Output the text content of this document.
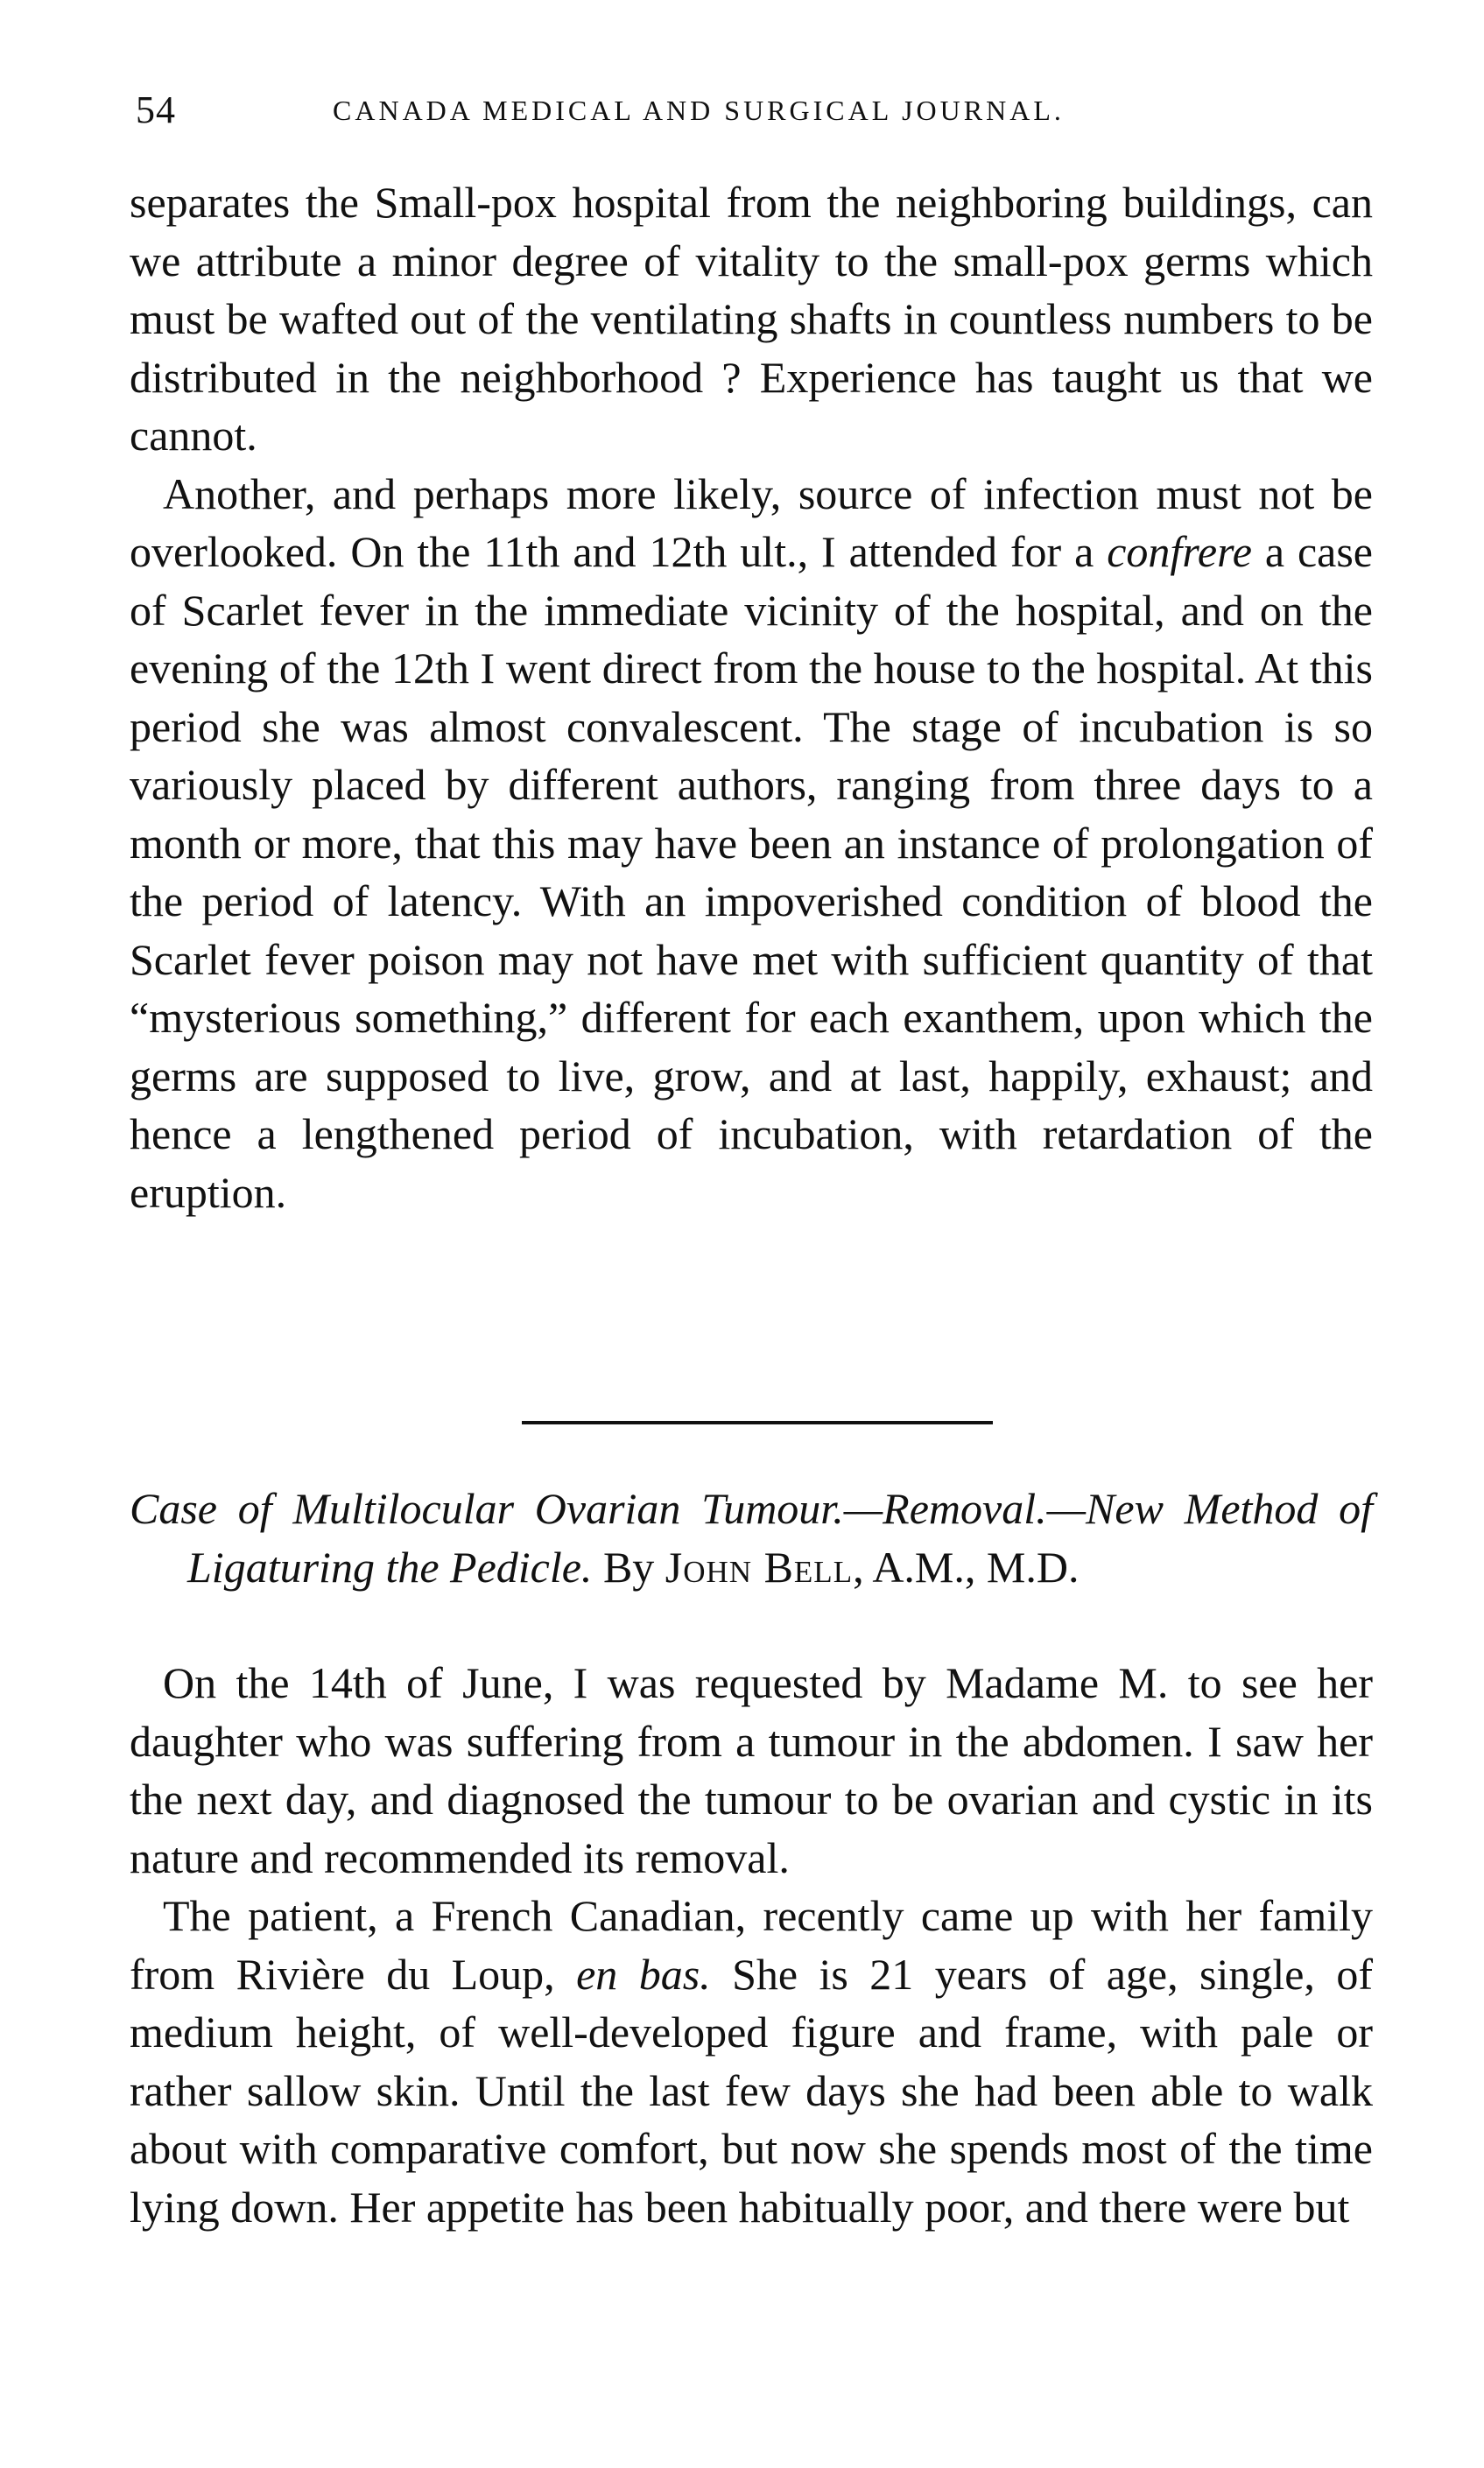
54	CANADA MEDICAL AND SURGICAL JOURNAL.

separates the Small-pox hospital from the neighboring buildings, can we attribute a minor degree of vitality to the small-pox germs which must be wafted out of the ventilating shafts in countless numbers to be distributed in the neighborhood ? Experience has taught us that we cannot.

Another, and perhaps more likely, source of infection must not be overlooked. On the 11th and 12th ult., I attended for a confrere a case of Scarlet fever in the immediate vicinity of the hospital, and on the evening of the 12th I went direct from the house to the hospital. At this period she was almost convalescent. The stage of incubation is so variously placed by different authors, ranging from three days to a month or more, that this may have been an instance of prolongation of the period of latency. With an impoverished condition of blood the Scarlet fever poison may not have met with sufficient quantity of that “mysterious something,” different for each exanthem, upon which the germs are supposed to live, grow, and at last, happily, exhaust; and hence a lengthened period of incubation, with retardation of the eruption.

Case of Multilocular Ovarian Tumour.—Removal.—New Method of Ligaturing the Pedicle. By John Bell, A.M., M.D.

On the 14th of June, I was requested by Madame M. to see her daughter who was suffering from a tumour in the abdomen. I saw her the next day, and diagnosed the tumour to be ovarian and cystic in its nature and recommended its removal.

The patient, a French Canadian, recently came up with her family from Rivière du Loup, en bas. She is 21 years of age, single, of medium height, of well-developed figure and frame, with pale or rather sallow skin. Until the last few days she had been able to walk about with comparative comfort, but now she spends most of the time lying down. Her appetite has been habitually poor, and there were but
